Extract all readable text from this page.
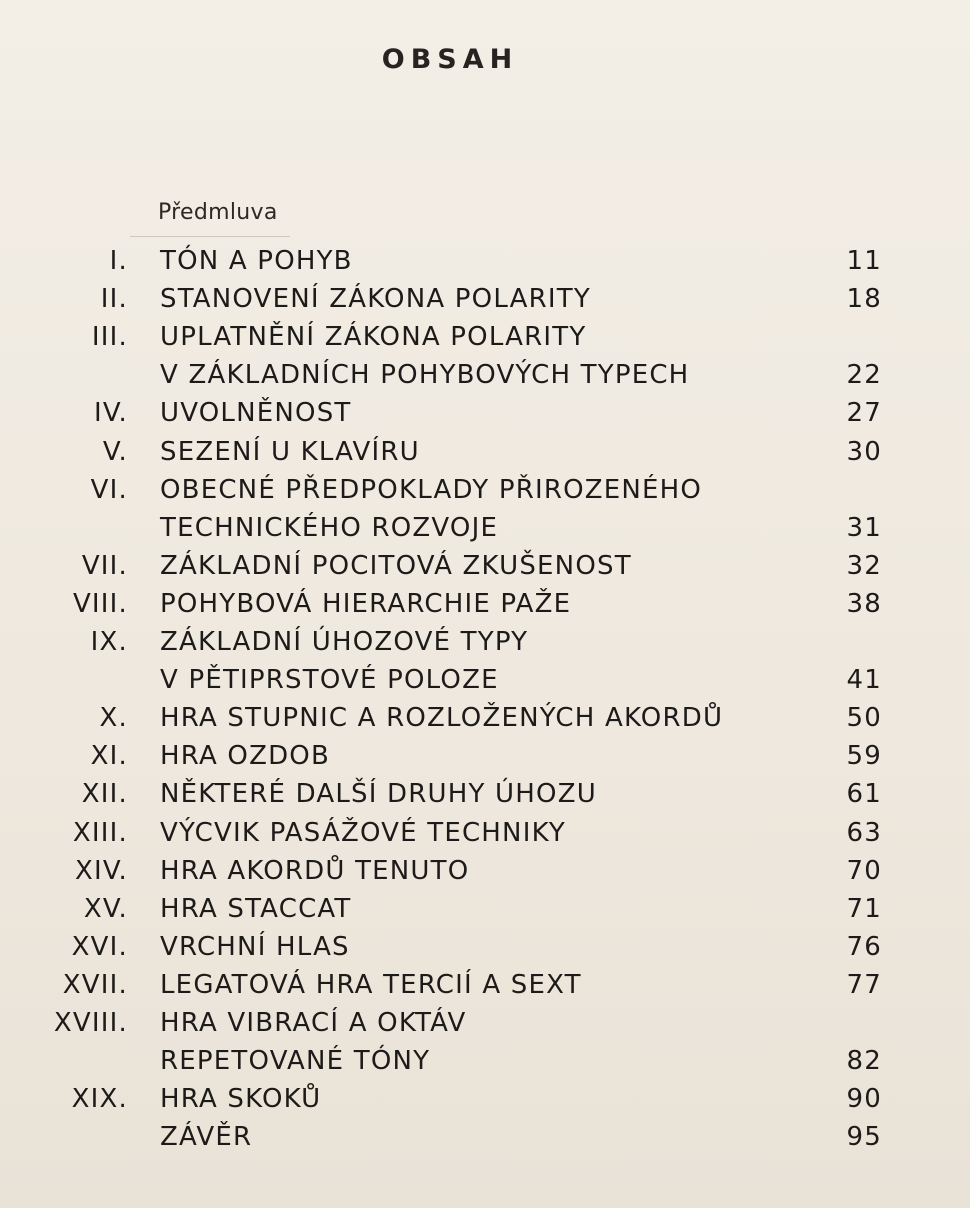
OBSAH
Předmluva
I. TÓN A POHYB	11
II. STANOVENÍ ZÁKONA POLARITY	18
III. UPLATNĚNÍ ZÁKONA POLARITY
V ZÁKLADNÍCH POHYBOVÝCH TYPECH	22
IV. UVOLNĚNOST	27
V. SEZENÍ U KLAVÍRU	30
VI. OBECNÉ PŘEDPOKLADY PŘIROZENÉHO
TECHNICKÉHO ROZVOJE	31
VII. ZÁKLADNÍ POCITOVÁ ZKUŠENOST	32
VIII. POHYBOVÁ HIERARCHIE PAŽE	38
IX. ZÁKLADNÍ ÚHOZOVÉ TYPY
V PĚTIPRSTOVÉ POLOZE	41
X. HRA STUPNIC A ROZLOŽENÝCH AKORDŮ	50
XI. HRA OZDOB	59
XII. NĚKTERÉ DALŠÍ DRUHY ÚHOZU	61
XIII. VÝCVIK PASÁŽOVÉ TECHNIKY	63
XIV. HRA AKORDŮ TENUTO	70
XV. HRA STACCAT	71
XVI. VRCHNÍ HLAS	76
XVII. LEGATOVÁ HRA TERCIÍ A SEXT	77
XVIII. HRA VIBRACÍ A OKTÁV
REPETOVANÉ TÓNY	82
XIX. HRA SKOKŮ	90
ZÁVĚR	95
